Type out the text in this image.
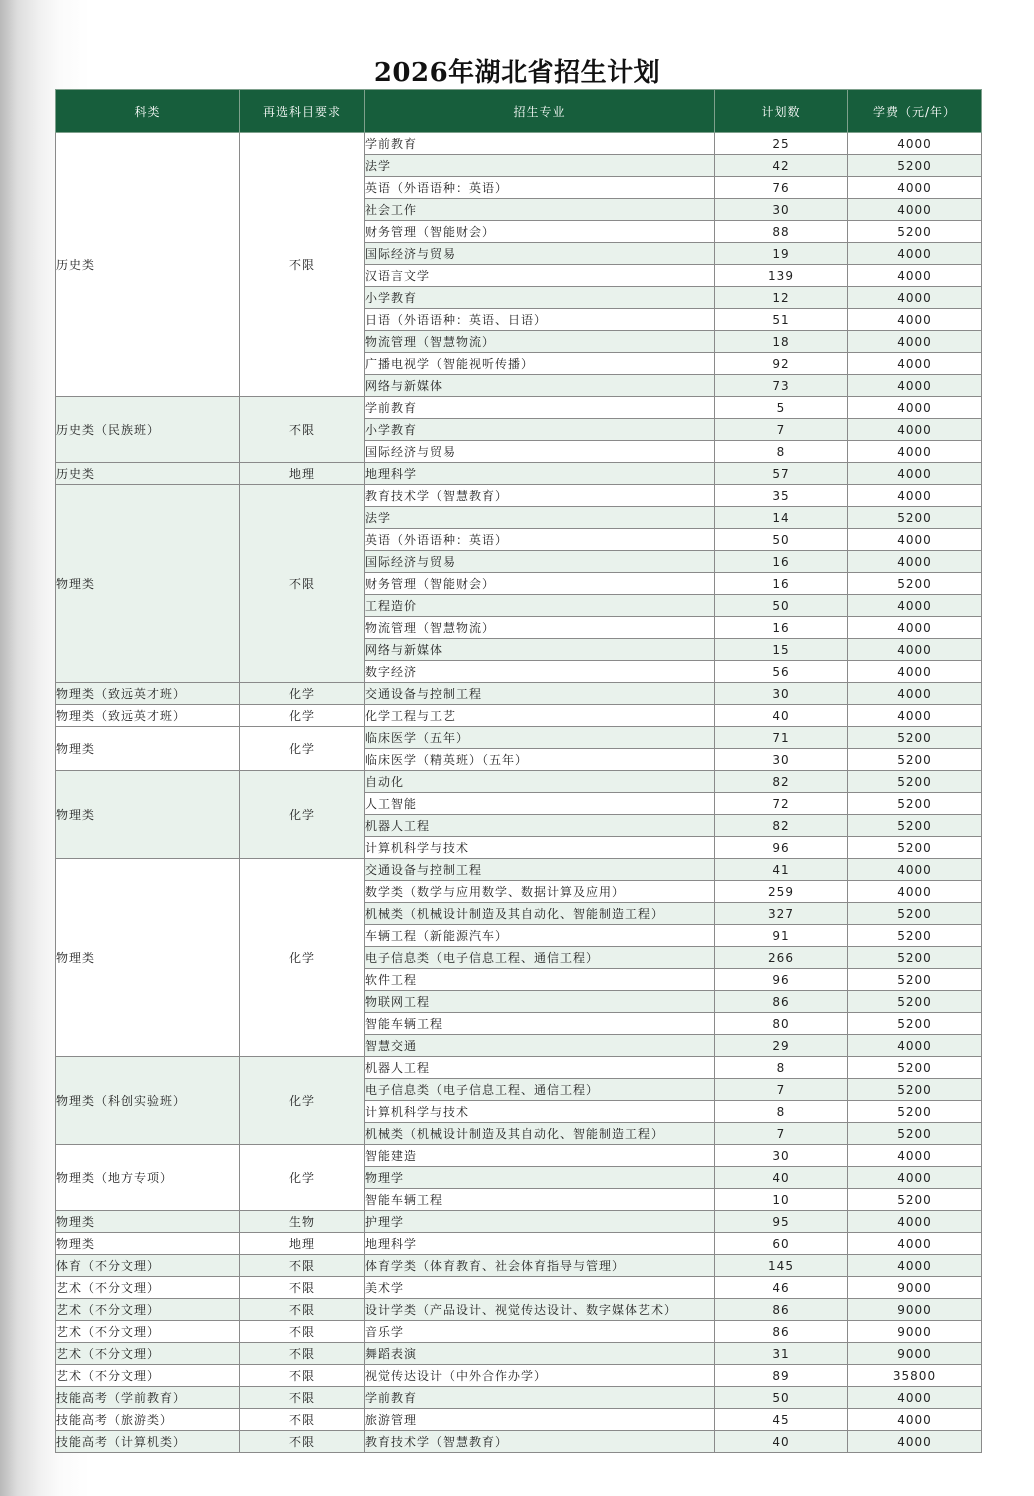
2026年湖北省招生计划
科类	再选科目要求	招生专业	计划数	学费（元/年）
历史类	不限	学前教育	25	4000
		法学	42	5200
		英语（外语语种：英语）	76	4000
		社会工作	30	4000
		财务管理（智能财会）	88	5200
		国际经济与贸易	19	4000
		汉语言文学	139	4000
		小学教育	12	4000
		日语（外语语种：英语、日语）	51	4000
		物流管理（智慧物流）	18	4000
		广播电视学（智能视听传播）	92	4000
		网络与新媒体	73	4000
历史类（民族班）	不限	学前教育	5	4000
		小学教育	7	4000
		国际经济与贸易	8	4000
历史类	地理	地理科学	57	4000
物理类	不限	教育技术学（智慧教育）	35	4000
		法学	14	5200
		英语（外语语种：英语）	50	4000
		国际经济与贸易	16	4000
		财务管理（智能财会）	16	5200
		工程造价	50	4000
		物流管理（智慧物流）	16	4000
		网络与新媒体	15	4000
		数字经济	56	4000
物理类（致远英才班）	化学	交通设备与控制工程	30	4000
物理类（致远英才班）	化学	化学工程与工艺	40	4000
物理类	化学	临床医学（五年）	71	5200
		临床医学（精英班）（五年）	30	5200
物理类	化学	自动化	82	5200
		人工智能	72	5200
		机器人工程	82	5200
		计算机科学与技术	96	5200
物理类	化学	交通设备与控制工程	41	4000
		数学类（数学与应用数学、数据计算及应用）	259	4000
		机械类（机械设计制造及其自动化、智能制造工程）	327	5200
		车辆工程（新能源汽车）	91	5200
		电子信息类（电子信息工程、通信工程）	266	5200
		软件工程	96	5200
		物联网工程	86	5200
		智能车辆工程	80	5200
		智慧交通	29	4000
物理类（科创实验班）	化学	机器人工程	8	5200
		电子信息类（电子信息工程、通信工程）	7	5200
		计算机科学与技术	8	5200
		机械类（机械设计制造及其自动化、智能制造工程）	7	5200
物理类（地方专项）	化学	智能建造	30	4000
		物理学	40	4000
		智能车辆工程	10	5200
物理类	生物	护理学	95	4000
物理类	地理	地理科学	60	4000
体育（不分文理）	不限	体育学类（体育教育、社会体育指导与管理）	145	4000
艺术（不分文理）	不限	美术学	46	9000
艺术（不分文理）	不限	设计学类（产品设计、视觉传达设计、数字媒体艺术）	86	9000
艺术（不分文理）	不限	音乐学	86	9000
艺术（不分文理）	不限	舞蹈表演	31	9000
艺术（不分文理）	不限	视觉传达设计（中外合作办学）	89	35800
技能高考（学前教育）	不限	学前教育	50	4000
技能高考（旅游类）	不限	旅游管理	45	4000
技能高考（计算机类）	不限	教育技术学（智慧教育）	40	4000
